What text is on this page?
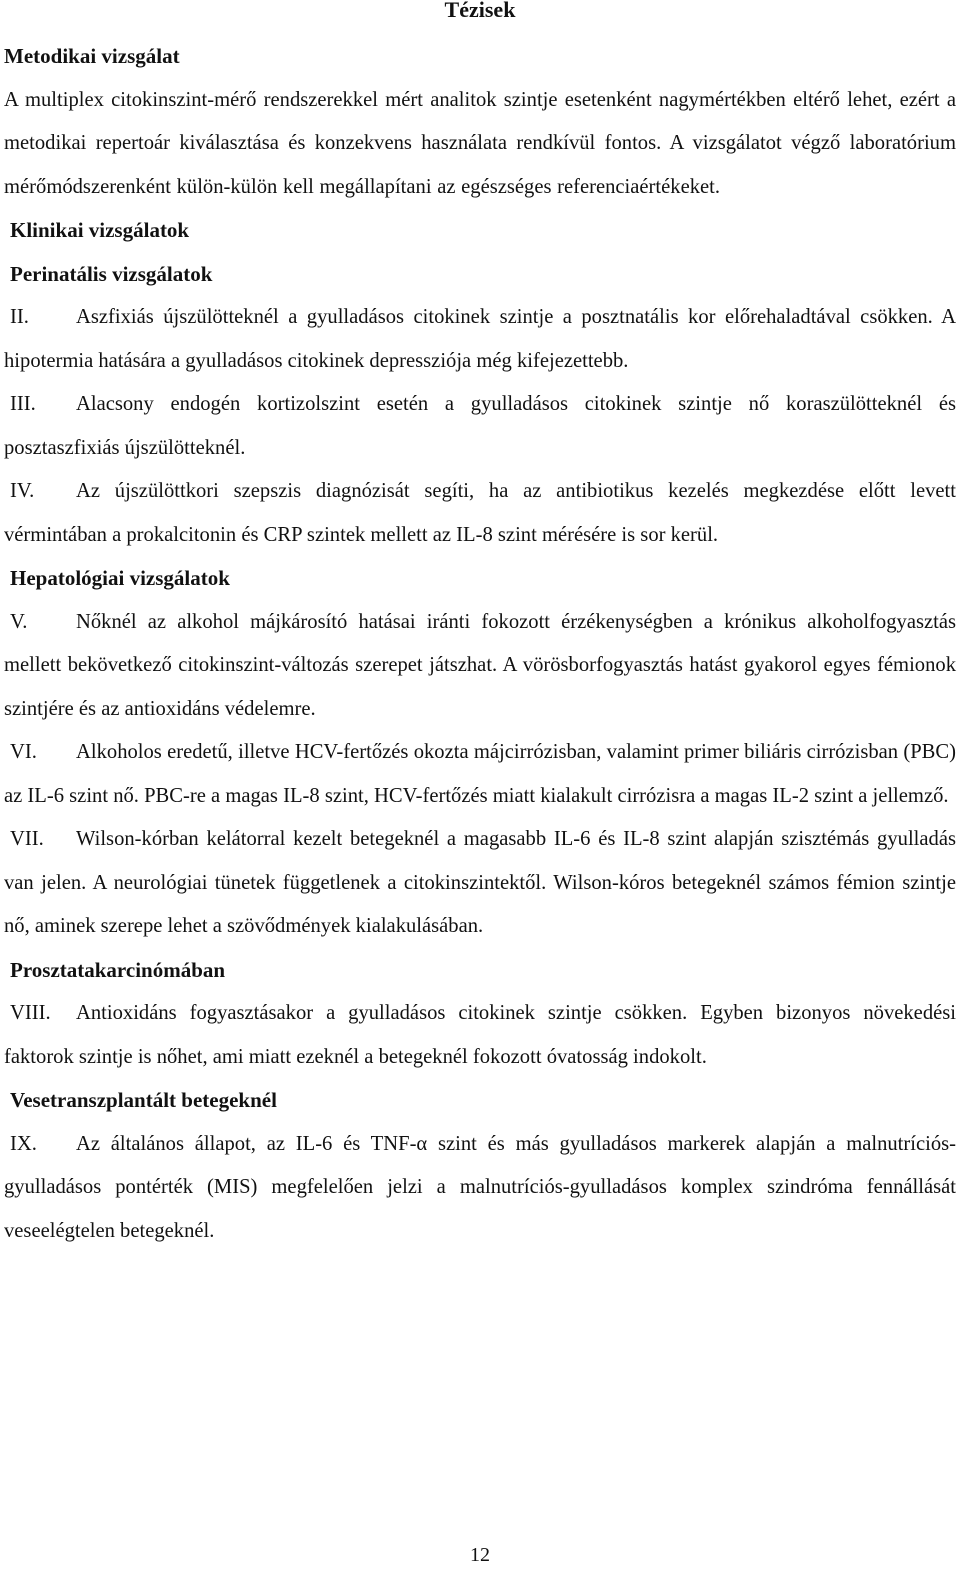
Tézisek
Metodikai vizsgálat
A multiplex citokinszint-mérő rendszerekkel mért analitok szintje esetenként nagymértékben eltérő lehet, ezért a metodikai repertoár kiválasztása és konzekvens használata rendkívül fontos. A vizsgálatot végző laboratórium mérőmódszerenként külön-külön kell megállapítani az egészséges referenciaértékeket.
Klinikai vizsgálatok
Perinatális vizsgálatok
II. Aszfixiás újszülötteknél a gyulladásos citokinek szintje a posztnatális kor előrehaladtával csökken. A hipotermia hatására a gyulladásos citokinek depressziója még kifejezettebb.
III. Alacsony endogén kortizolszint esetén a gyulladásos citokinek szintje nő koraszülötteknél és posztaszfixiás újszülötteknél.
IV. Az újszülöttkori szepszis diagnózisát segíti, ha az antibiotikus kezelés megkezdése előtt levett vérmintában a prokalcitonin és CRP szintek mellett az IL-8 szint mérésére is sor kerül.
Hepatológiai vizsgálatok
V. Nőknél az alkohol májkárosító hatásai iránti fokozott érzékenységben a krónikus alkoholfogyasztás mellett bekövetkező citokinszint-változás szerepet játszhat. A vörösborfogyasztás hatást gyakorol egyes fémionok szintjére és az antioxidáns védelemre.
VI. Alkoholos eredetű, illetve HCV-fertőzés okozta májcirrózisban, valamint primer biliáris cirrózisban (PBC) az IL-6 szint nő. PBC-re a magas IL-8 szint, HCV-fertőzés miatt kialakult cirrózisra a magas IL-2 szint a jellemző.
VII. Wilson-kórban kelátorral kezelt betegeknél a magasabb IL-6 és IL-8 szint alapján szisztémás gyulladás van jelen. A neurológiai tünetek függetlenek a citokinszintektől. Wilson-kóros betegeknél számos fémion szintje nő, aminek szerepe lehet a szövődmények kialakulásában.
Prosztatakarcinómában
VIII. Antioxidáns fogyasztásakor a gyulladásos citokinek szintje csökken. Egyben bizonyos növekedési faktorok szintje is nőhet, ami miatt ezeknél a betegeknél fokozott óvatosság indokolt.
Vesetranszplantált betegeknél
IX. Az általános állapot, az IL-6 és TNF-α szint és más gyulladásos markerek alapján a malnutríciós-gyulladásos pontérték (MIS) megfelelően jelzi a malnutríciós-gyulladásos komplex szindróma fennállását veseelégtelen betegeknél.
12
